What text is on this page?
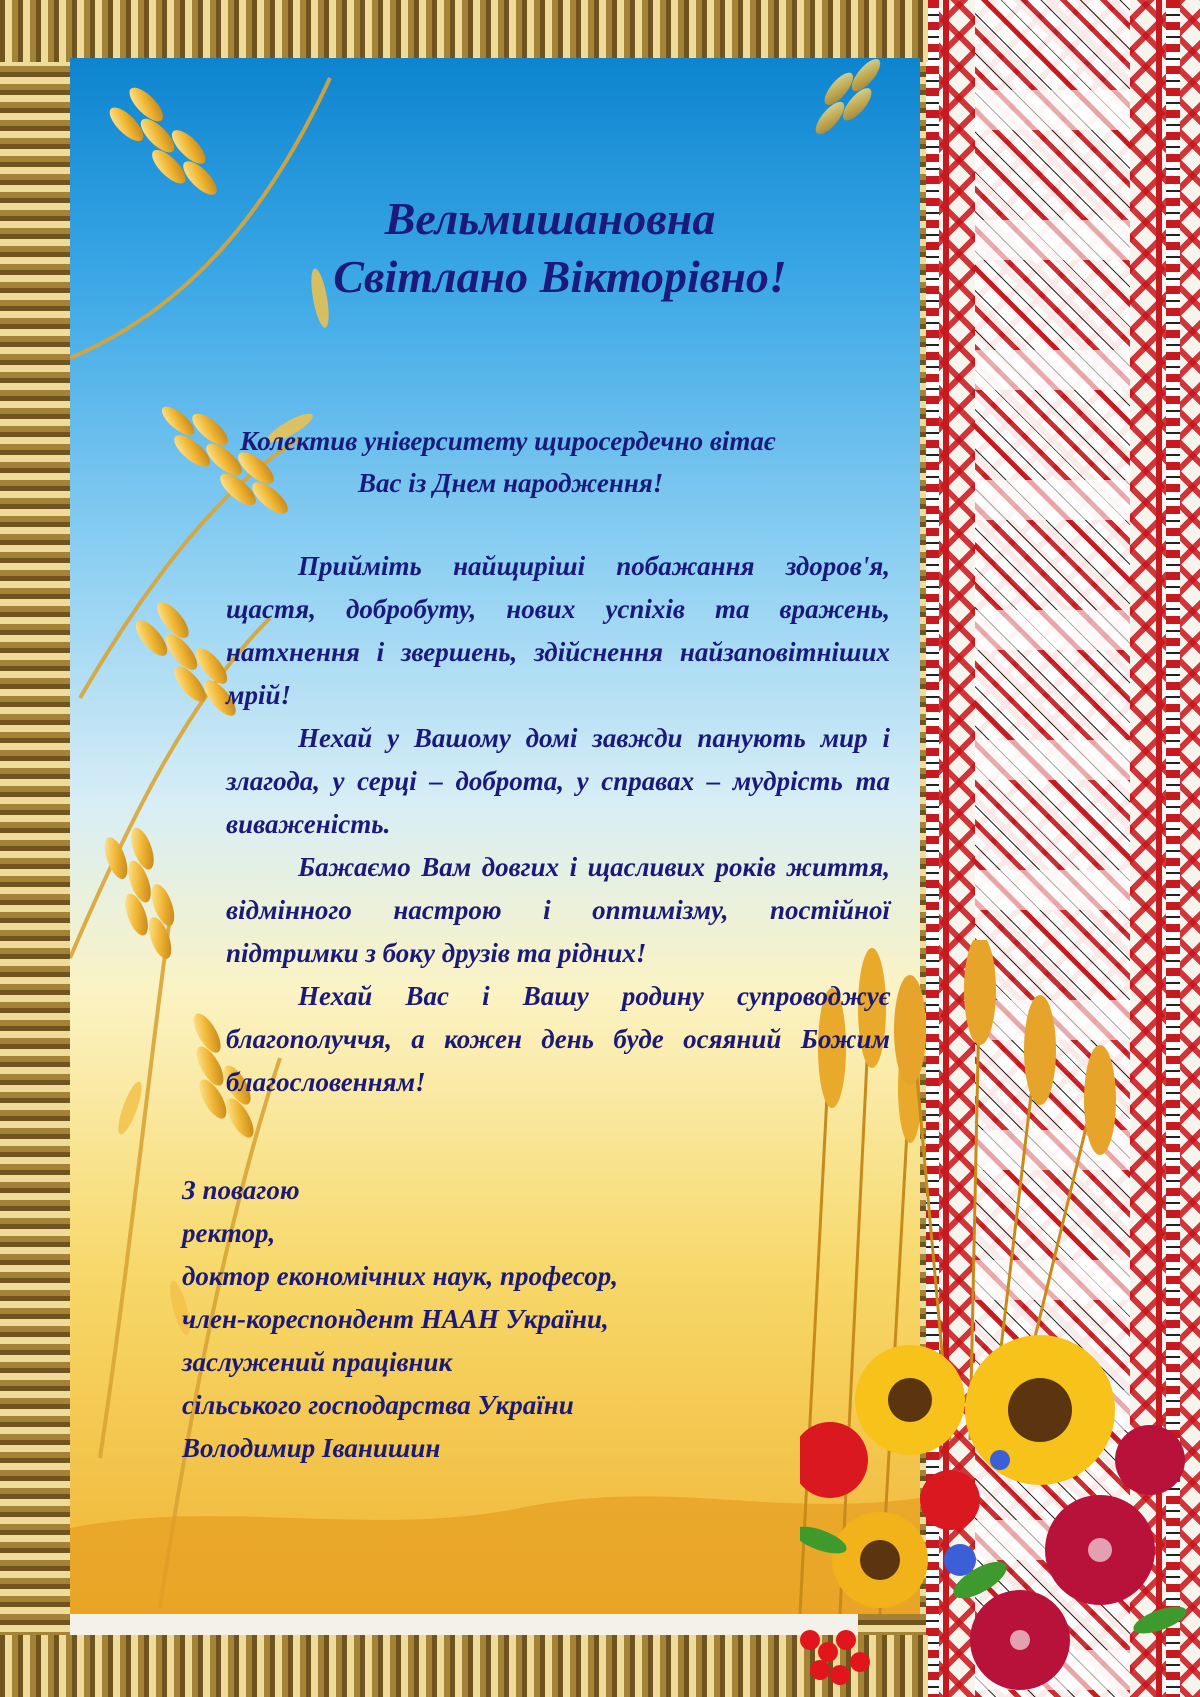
Вельмишановна
Світлано Вікторівно!
Колектив університету щиросердечно вітає
Вас із Днем народження!

Прийміть найщиріші побажання здоров'я, щастя, добробуту, нових успіхів та вражень, натхнення і звершень, здійснення найзаповітніших мрій!

Нехай у Вашому домі завжди панують мир і злагода, у серці – доброта, у справах – мудрість та виваженість.

Бажаємо Вам довгих і щасливих років життя, відмінного настрою і оптимізму, постійної підтримки з боку друзів та рідних!

Нехай Вас і Вашу родину супроводжує благополуччя, а кожен день буде осяяний Божим благословенням!

З повагою
ректор,
доктор економічних наук, професор,
член-кореспондент НААН України,
заслужений працівник
сільського господарства України
Володимир Іванишин
